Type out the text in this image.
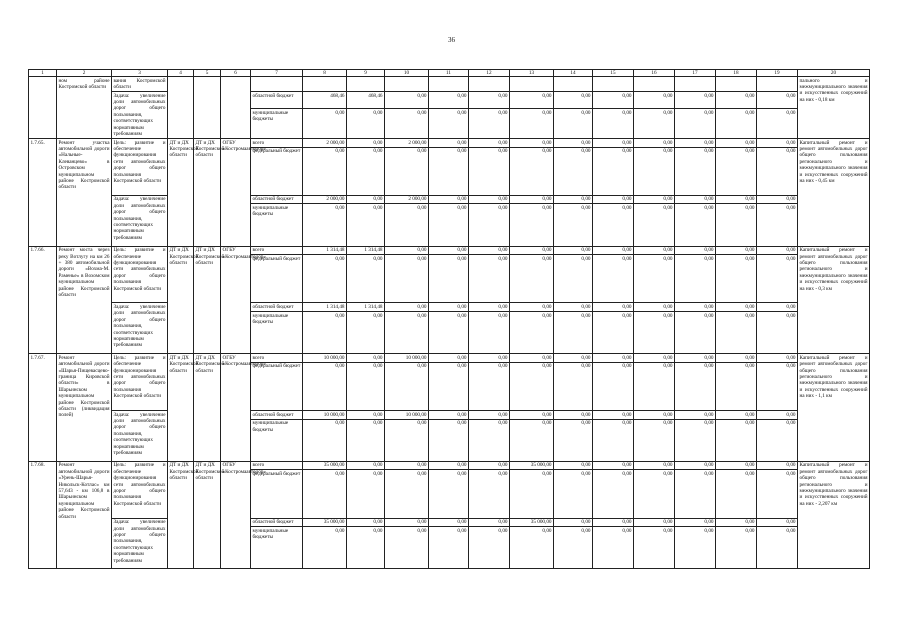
36
1	2	3	4	5	6	7	8	9	10	11	12	13	14	15	16	17	18	19	20
	ном районе Костромской области	вания Костромской области																	пального и межмуниципального значения и искусственных сооружений на них - 0,18 км
		Задача: увеличение доли автомобильных дорог общего пользования, соответствующих нормативным требованиям				областной бюджет	468,46	468,46	0,00	0,00	0,00	0,00	0,00	0,00	0,00	0,00	0,00	0,00	
						муниципальные бюджеты	0,00	0,00	0,00	0,00	0,00	0,00	0,00	0,00	0,00	0,00	0,00	0,00	
1.7.65.	Ремонт участка автомобильной дороги «Нальные-Клеванцево» в Островском муниципальном районе Костромской области	Цель: развитие и обеспечение функционирования сети автомобильных дорог общего пользования Костромской области	ДТ и ДХ Костромской области	ДТ и ДХ Костромской области	ОГБУ «Костромаавтодор»	всего	2 000,00	0,00	2 000,00	0,00	0,00	0,00	0,00	0,00	0,00	0,00	0,00	0,00	Капитальный ремонт и ремонт автомобильных дорог общего пользования регионального и межмуниципального значения и искусственных сооружений на них - 0,45 км
						федеральный бюджет	0,00	0,00	0,00	0,00	0,00	0,00	0,00	0,00	0,00	0,00	0,00	0,00	
		Задача: увеличение доли автомобильных дорог общего пользования, соответствующих нормативным требованиям				областной бюджет	2 000,00	0,00	2 000,00	0,00	0,00	0,00	0,00	0,00	0,00	0,00	0,00	0,00	
						муниципальные бюджеты	0,00	0,00	0,00	0,00	0,00	0,00	0,00	0,00	0,00	0,00	0,00	0,00	
1.7.66.	Ремонт моста через реку Вотлугу на км 26 + 380 автомобильной дороги «Вохма-М. Раменье» в Вохомском муниципальном районе Костромской области	Цель: развитие и обеспечение функционирования сети автомобильных дорог общего пользования Костромской области	ДТ и ДХ Костромской области	ДТ и ДХ Костромской области	ОГБУ «Костромаавтодор»	всего	1 314,48	1 314,48	0,00	0,00	0,00	0,00	0,00	0,00	0,00	0,00	0,00	0,00	Капитальный ремонт и ремонт автомобильных дорог общего пользования регионального и межмуниципального значения и искусственных сооружений на них - 0,3 км
						федеральный бюджет	0,00	0,00	0,00	0,00	0,00	0,00	0,00	0,00	0,00	0,00	0,00	0,00	
		Задача: увеличение доли автомобильных дорог общего пользования, соответствующих нормативным требованиям				областной бюджет	1 314,48	1 314,48	0,00	0,00	0,00	0,00	0,00	0,00	0,00	0,00	0,00	0,00	
						муниципальные бюджеты	0,00	0,00	0,00	0,00	0,00	0,00	0,00	0,00	0,00	0,00	0,00	0,00	
1.7.67.	Ремонт автомобильной дороги «Шарья-Пищевасцево-граница Кировской области» в Шарьинском муниципальном районе Костромской области (ликвидация полей)	Цель: развитие и обеспечение функционирования сети автомобильных дорог общего пользования Костромской области	ДТ и ДХ Костромской области	ДТ и ДХ Костромской области	ОГБУ «Костромаавтодор»	всего	10 000,00	0,00	10 000,00	0,00	0,00	0,00	0,00	0,00	0,00	0,00	0,00	0,00	Капитальный ремонт и ремонт автомобильных дорог общего пользования регионального и межмуниципального значения и искусственных сооружений на них - 1,1 км
						федеральный бюджет	0,00	0,00	0,00	0,00	0,00	0,00	0,00	0,00	0,00	0,00	0,00	0,00	
		Задача: увеличение доли автомобильных дорог общего пользования, соответствующих нормативным требованиям				областной бюджет	10 000,00	0,00	10 000,00	0,00	0,00	0,00	0,00	0,00	0,00	0,00	0,00	0,00	
						муниципальные бюджеты	0,00	0,00	0,00	0,00	0,00	0,00	0,00	0,00	0,00	0,00	0,00	0,00	
1.7.68.	Ремонт автомобильной дороги «Урень-Шарья-Никольск-Котлас» км 57,643 - км 106,8 в Шарьинском муниципальном районе Костромской области	Цель: развитие и обеспечение функционирования сети автомобильных дорог общего пользования Костромской области	ДТ и ДХ Костромской области	ДТ и ДХ Костромской области	ОГБУ «Костромаавтодор»	всего	35 000,00	0,00	0,00	0,00	0,00	35 000,00	0,00	0,00	0,00	0,00	0,00	0,00	Капитальный ремонт и ремонт автомобильных дорог общего пользования регионального и межмуниципального значения и искусственных сооружений на них - 2,207 км
						федеральный бюджет	0,00	0,00	0,00	0,00	0,00	0,00	0,00	0,00	0,00	0,00	0,00	0,00	
		Задача: увеличение доли автомобильных дорог общего пользования, соответствующих нормативным требованиям				областной бюджет	35 000,00	0,00	0,00	0,00	0,00	35 000,00	0,00	0,00	0,00	0,00	0,00	0,00	
						муниципальные бюджеты	0,00	0,00	0,00	0,00	0,00	0,00	0,00	0,00	0,00	0,00	0,00	0,00	
